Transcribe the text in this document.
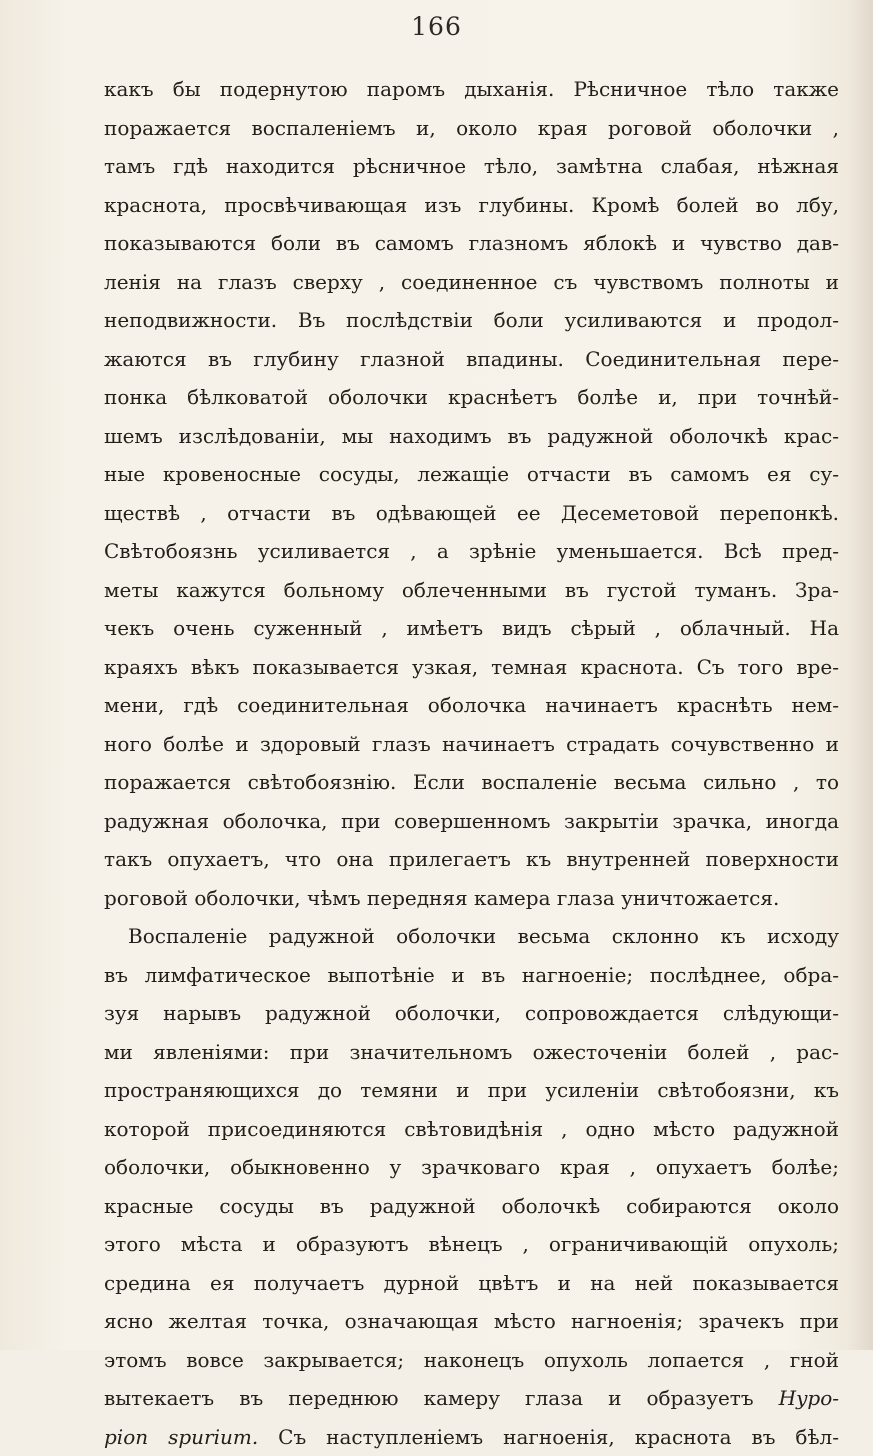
166
какъ бы подернутою паромъ дыханія. Рѣсничное тѣло также
поражается воспаленіемъ и, около края роговой оболочки ,
тамъ гдѣ находится рѣсничное тѣло, замѣтна слабая, нѣжная
краснота, просвѣчивающая изъ глубины. Кромѣ болей во лбу,
показываются боли въ самомъ глазномъ яблокѣ и чувство дав-
ленія на глазъ сверху , соединенное съ чувствомъ полноты и
неподвижности. Въ послѣдствіи боли усиливаются и продол-
жаются въ глубину глазной впадины. Соединительная пере-
понка бѣлковатой оболочки краснѣетъ болѣе и, при точнѣй-
шемъ изслѣдованіи, мы находимъ въ радужной оболочкѣ крас-
ные кровеносные сосуды, лежащіе отчасти въ самомъ ея су-
ществѣ , отчасти въ одѣвающей ее Десеметовой перепонкѣ.
Свѣтобоязнь усиливается , а зрѣніе уменьшается. Всѣ пред-
меты кажутся больному облеченными въ густой туманъ. Зра-
чекъ очень суженный , имѣетъ видъ сѣрый , облачный. На
краяхъ вѣкъ показывается узкая, темная краснота. Съ того вре-
мени, гдѣ соединительная оболочка начинаетъ краснѣть нем-
ного болѣе и здоровый глазъ начинаетъ страдать сочувственно и
поражается свѣтобоязнію. Если воспаленіе весьма сильно , то
радужная оболочка, при совершенномъ закрытіи зрачка, иногда
такъ опухаетъ, что она прилегаетъ къ внутренней поверхности
роговой оболочки, чѣмъ передняя камера глаза уничтожается.
Воспаленіе радужной оболочки весьма склонно къ исходу
въ лимфатическое выпотѣніе и въ нагноеніе; послѣднее, обра-
зуя нарывъ радужной оболочки, сопровождается слѣдующи-
ми явленіями: при значительномъ ожесточеніи болей , рас-
пространяющихся до темяни и при усиленіи свѣтобоязни, къ
которой присоединяются свѣтовидѣнія , одно мѣсто радужной
оболочки, обыкновенно у зрачковаго края , опухаетъ болѣе;
красные сосуды въ радужной оболочкѣ собираются около
этого мѣста и образуютъ вѣнецъ , ограничивающій опухоль;
средина ея получаетъ дурной цвѣтъ и на ней показывается
ясно желтая точка, означающая мѣсто нагноенія; зрачекъ при
этомъ вовсе закрывается; наконецъ опухоль лопается , гной
вытекаетъ въ переднюю камеру глаза и образуетъ Hypo-
pion spurium. Съ наступленіемъ нагноенія, краснота въ бѣл-
